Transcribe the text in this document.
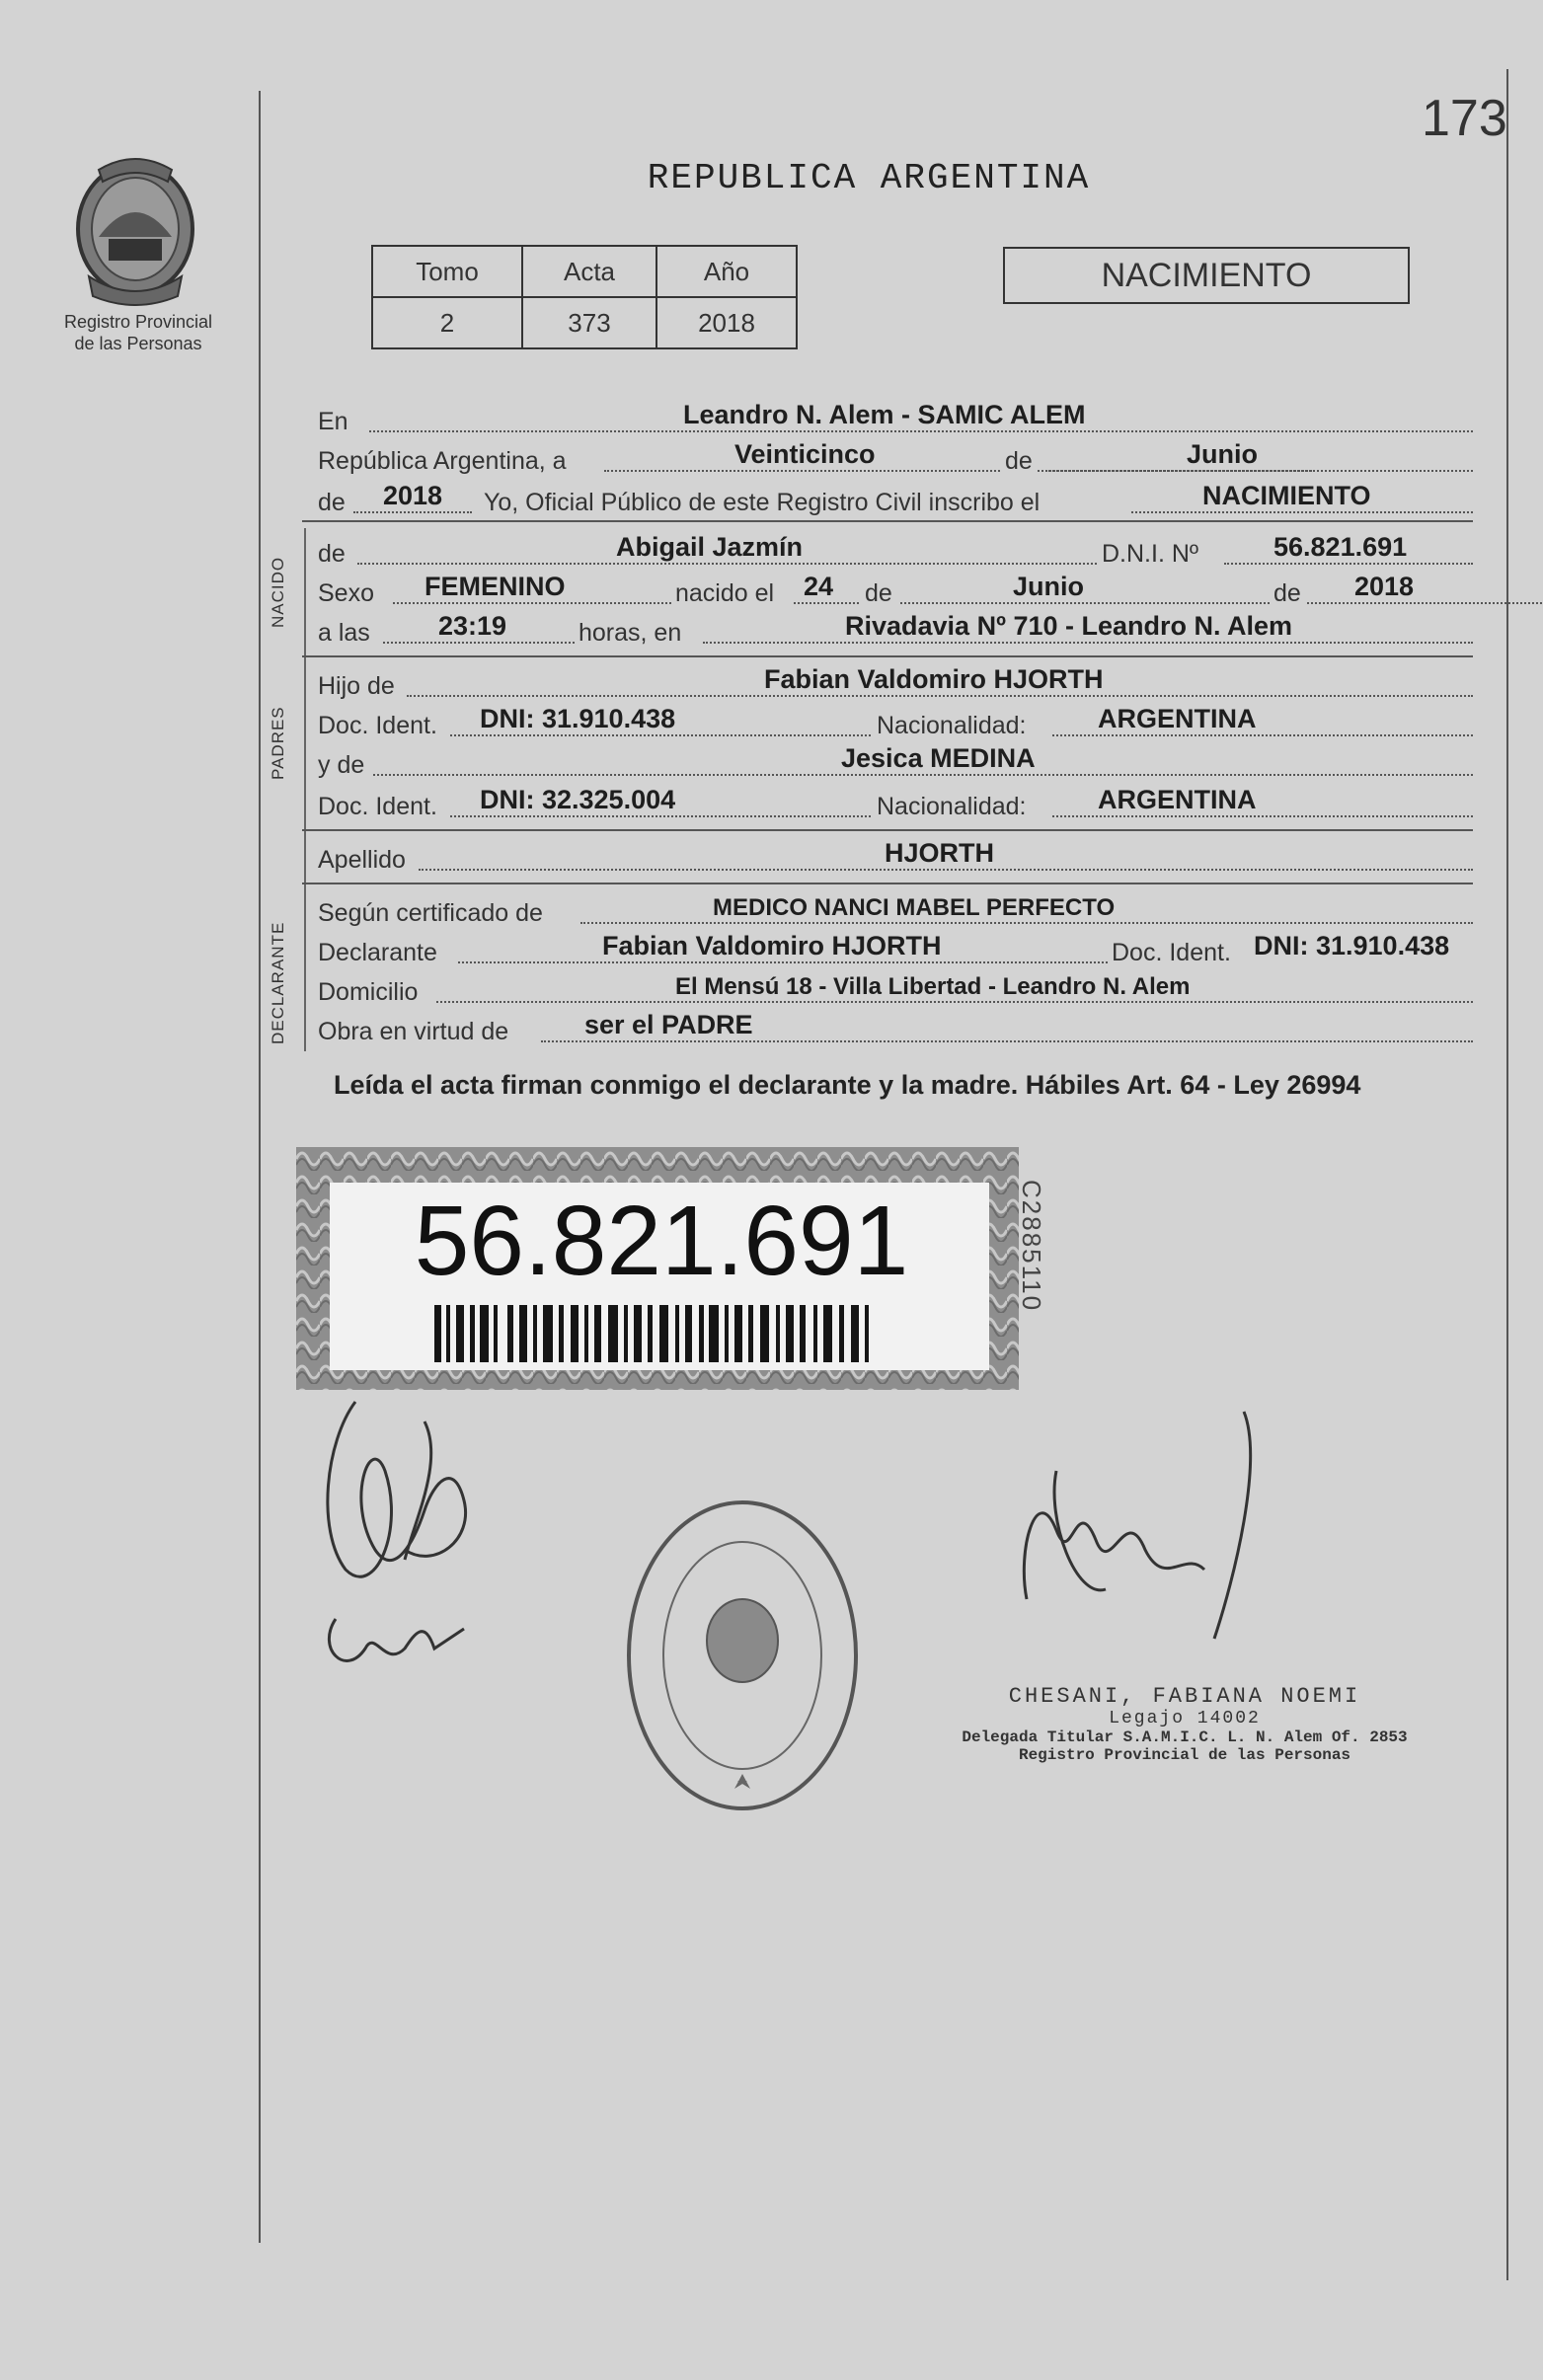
173
Registro Provincial
de las Personas
REPUBLICA ARGENTINA
Tomo	Acta	Año
2	373	2018
NACIMIENTO
En	Leandro N. Alem - SAMIC ALEM
República Argentina, a	Veinticinco	de	Junio
de 2018 Yo, Oficial Público de este Registro Civil inscribo el	NACIMIENTO
NACIDO
de	Abigail Jazmín	D.N.I. Nº	56.821.691
Sexo FEMENINO	nacido el 24 de	Junio	de 2018
a las	23:19	horas, en	Rivadavia Nº 710 - Leandro N. Alem
PADRES
Hijo de	Fabian Valdomiro HJORTH
Doc. Ident. DNI: 31.910.438	Nacionalidad:	ARGENTINA
y de	Jesica MEDINA
Doc. Ident. DNI: 32.325.004	Nacionalidad:	ARGENTINA
Apellido	HJORTH
DECLARANTE
Según certificado de	MEDICO NANCI MABEL PERFECTO
Declarante	Fabian Valdomiro HJORTH	Doc. Ident. DNI: 31.910.438
Domicilio	El Mensú 18 - Villa Libertad - Leandro N. Alem
Obra en virtud de	ser el PADRE
Leída el acta firman conmigo el declarante y la madre. Hábiles Art. 64 - Ley 26994
56.821.691	C2885110
CHESANI, FABIANA NOEMI
Legajo 14002
Delegada Titular S.A.M.I.C. L. N. Alem Of. 2853
Registro Provincial de las Personas
